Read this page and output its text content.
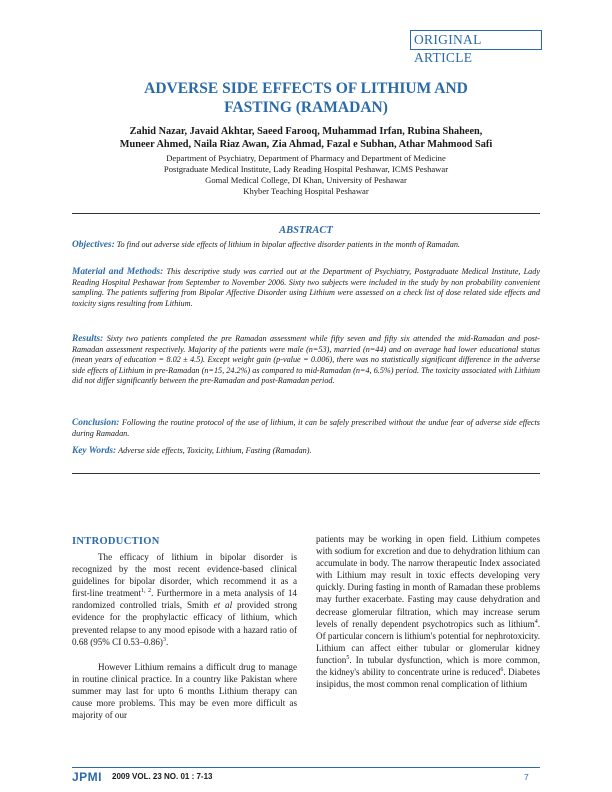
ORIGINAL ARTICLE
ADVERSE SIDE EFFECTS OF LITHIUM AND
FASTING (RAMADAN)

Zahid Nazar, Javaid Akhtar, Saeed Farooq, Muhammad Irfan, Rubina Shaheen,
Muneer Ahmed, Naila Riaz Awan, Zia Ahmad, Fazal e Subhan, Athar Mahmood Safi

Department of Psychiatry, Department of Pharmacy and Department of Medicine
Postgraduate Medical Institute, Lady Reading Hospital Peshawar, ICMS Peshawar
Gomal Medical College, DI Khan, University of Peshawar
Khyber Teaching Hospital Peshawar

ABSTRACT

Objectives: To find out adverse side effects of lithium in bipolar affective disorder patients in the month of Ramadan.

Material and Methods: This descriptive study was carried out at the Department of Psychiatry, Postgraduate Medical Institute, Lady Reading Hospital Peshawar from September to November 2006. Sixty two subjects were included in the study by non probability convenient sampling. The patients suffering from Bipolar Affective Disorder using Lithium were assessed on a check list of dose related side effects and toxicity signs resulting from Lithium.

Results: Sixty two patients completed the pre Ramadan assessment while fifty seven and fifty six attended the mid-Ramadan and post-Ramadan assessment respectively. Majority of the patients were male (n=53), married (n=44) and on average had lower educational status (mean years of education = 8.02 ± 4.5). Except weight gain (p-value = 0.006), there was no statistically significant difference in the adverse side effects of Lithium in pre-Ramadan (n=15, 24.2%) as compared to mid-Ramadan (n=4, 6.5%) period. The toxicity associated with Lithium did not differ significantly between the pre-Ramadan and post-Ramadan period.

Conclusion: Following the routine protocol of the use of lithium, it can be safely prescribed without the undue fear of adverse side effects during Ramadan.

Key Words: Adverse side effects, Toxicity, Lithium, Fasting (Ramadan).

INTRODUCTION

The efficacy of lithium in bipolar disorder is recognized by the most recent evidence-based clinical guidelines for bipolar disorder, which recommend it as a first-line treatment$^{1, 2}$. Furthermore in a meta analysis of 14 randomized controlled trials, Smith et al provided strong evidence for the prophylactic efficacy of lithium, which prevented relapse to any mood episode with a hazard ratio of 0.68 (95% CI 0.53–0.86)$^3$.

However Lithium remains a difficult drug to manage in routine clinical practice. In a country like Pakistan where summer may last for upto 6 months Lithium therapy can cause more problems. This may be even more difficult as majority of our

patients may be working in open field. Lithium competes with sodium for excretion and due to dehydration lithium can accumulate in body. The narrow therapeutic Index associated with Lithium may result in toxic effects developing very quickly. During fasting in month of Ramadan these problems may further exacerbate. Fasting may cause dehydration and decrease glomerular filtration, which may increase serum levels of renally dependent psychotropics such as lithium$^4$. Of particular concern is lithium's potential for nephrotoxicity. Lithium can affect either tubular or glomerular kidney function$^5$. In tubular dysfunction, which is more common, the kidney's ability to concentrate urine is reduced$^6$. Diabetes insipidus, the most common renal complication of lithium

JPMI 2009 VOL. 23 NO. 01 : 7-13	7
